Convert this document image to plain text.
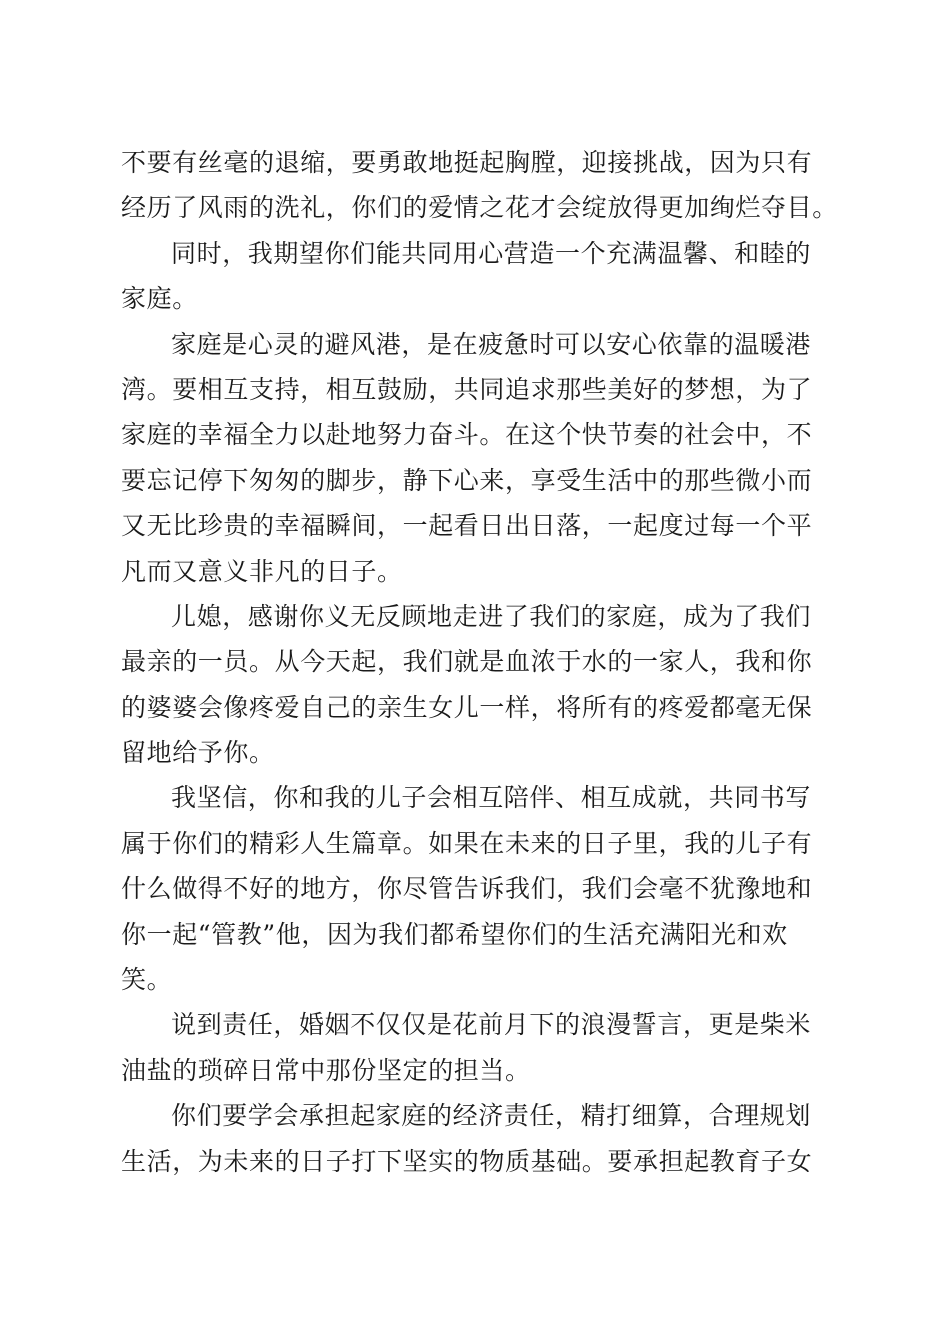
不要有丝毫的退缩，要勇敢地挺起胸膛，迎接挑战，因为只有
经历了风雨的洗礼，你们的爱情之花才会绽放得更加绚烂夺目。
同时，我期望你们能共同用心营造一个充满温馨、和睦的
家庭。
家庭是心灵的避风港，是在疲惫时可以安心依靠的温暖港
湾。要相互支持，相互鼓励，共同追求那些美好的梦想，为了
家庭的幸福全力以赴地努力奋斗。在这个快节奏的社会中，不
要忘记停下匆匆的脚步，静下心来，享受生活中的那些微小而
又无比珍贵的幸福瞬间，一起看日出日落，一起度过每一个平
凡而又意义非凡的日子。
儿媳，感谢你义无反顾地走进了我们的家庭，成为了我们
最亲的一员。从今天起，我们就是血浓于水的一家人，我和你
的婆婆会像疼爱自己的亲生女儿一样，将所有的疼爱都毫无保
留地给予你。
我坚信，你和我的儿子会相互陪伴、相互成就，共同书写
属于你们的精彩人生篇章。如果在未来的日子里，我的儿子有
什么做得不好的地方，你尽管告诉我们，我们会毫不犹豫地和
你一起“管教”他，因为我们都希望你们的生活充满阳光和欢
笑。
说到责任，婚姻不仅仅是花前月下的浪漫誓言，更是柴米
油盐的琐碎日常中那份坚定的担当。
你们要学会承担起家庭的经济责任，精打细算，合理规划
生活，为未来的日子打下坚实的物质基础。要承担起教育子女
